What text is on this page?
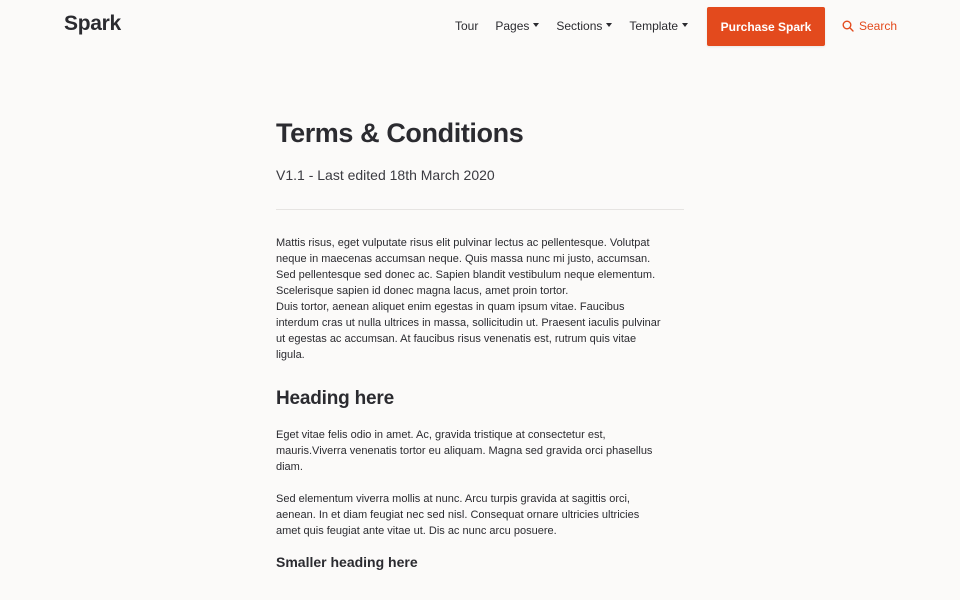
Spark	Tour Pages Sections Template	Purchase Spark	Search
Terms & Conditions

V1.1 - Last edited 18th March 2020

Mattis risus, eget vulputate risus elit pulvinar lectus ac pellentesque. Volutpat
neque in maecenas accumsan neque. Quis massa nunc mi justo, accumsan.
Sed pellentesque sed donec ac. Sapien blandit vestibulum neque elementum.
Scelerisque sapien id donec magna lacus, amet proin tortor.
Duis tortor, aenean aliquet enim egestas in quam ipsum vitae. Faucibus
interdum cras ut nulla ultrices in massa, sollicitudin ut. Praesent iaculis pulvinar
ut egestas ac accumsan. At faucibus risus venenatis est, rutrum quis vitae
ligula.

Heading here

Eget vitae felis odio in amet. Ac, gravida tristique at consectetur est,
mauris.Viverra venenatis tortor eu aliquam. Magna sed gravida orci phasellus
diam.

Sed elementum viverra mollis at nunc. Arcu turpis gravida at sagittis orci,
aenean. In et diam feugiat nec sed nisl. Consequat ornare ultricies ultricies
amet quis feugiat ante vitae ut. Dis ac nunc arcu posuere.

Smaller heading here
